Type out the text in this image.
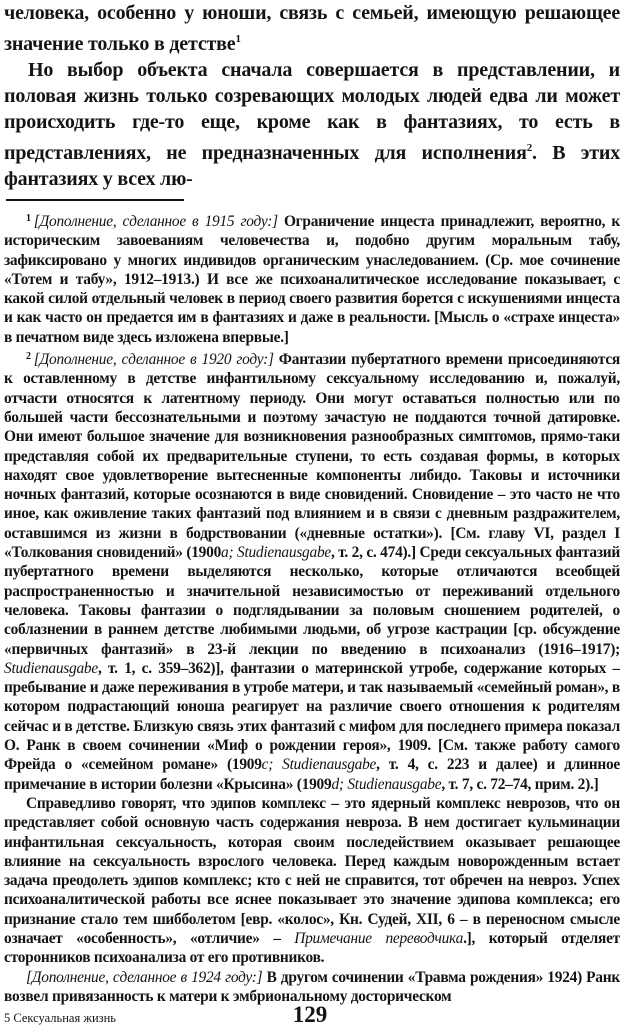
человека, особенно у юноши, связь с семьей, имеющую решающее значение только в детстве$^1$

Но выбор объекта сначала совершается в представлении, и половая жизнь только созревающих молодых людей едва ли может происходить где-то еще, кроме как в фантазиях, то есть в представлениях, не предназначенных для исполнения$^2$. В этих фантазиях у всех лю-

$^1$ [Дополнение, сделанное в 1915 году:] Ограничение инцеста принадлежит, вероятно, к историческим завоеваниям человечества и, подобно другим моральным табу, зафиксировано у многих индивидов органическим унаследованием. (Ср. мое сочинение «Тотем и табу», 1912–1913.) И все же психоаналитическое исследование показывает, с какой силой отдельный человек в период своего развития борется с искушениями инцеста и как часто он предается им в фантазиях и даже в реальности. [Мысль о «страхе инцеста» в печатном виде здесь изложена впервые.]

$^2$ [Дополнение, сделанное в 1920 году:] Фантазии пубертатного времени присоединяются к оставленному в детстве инфантильному сексуальному исследованию и, пожалуй, отчасти относятся к латентному периоду. Они могут оставаться полностью или по большей части бессознательными и поэтому зачастую не поддаются точной датировке. Они имеют большое значение для возникновения разнообразных симптомов, прямо-таки представляя собой их предварительные ступени, то есть создавая формы, в которых находят свое удовлетворение вытесненные компоненты либидо. Таковы и источники ночных фантазий, которые осознаются в виде сновидений. Сновидение – это часто не что иное, как оживление таких фантазий под влиянием и в связи с дневным раздражителем, оставшимся из жизни в бодрствовании («дневные остатки»). [См. главу VI, раздел I «Толкования сновидений» (1900a; Studienausgabe, т. 2, с. 474).] Среди сексуальных фантазий пубертатного времени выделяются несколько, которые отличаются всеобщей распространенностью и значительной независимостью от переживаний отдельного человека. Таковы фантазии о подглядывании за половым сношением родителей, о соблазнении в раннем детстве любимыми людьми, об угрозе кастрации [ср. обсуждение «первичных фантазий» в 23-й лекции по введению в психоанализ (1916–1917); Studienausgabe, т. 1, с. 359–362)], фантазии о материнской утробе, содержание которых – пребывание и даже переживания в утробе матери, и так называемый «семейный роман», в котором подрастающий юноша реагирует на различие своего отношения к родителям сейчас и в детстве. Близкую связь этих фантазий с мифом для последнего примера показал О. Ранк в своем сочинении «Миф о рождении героя», 1909. [См. также работу самого Фрейда о «семейном романе» (1909c; Studienausgabe, т. 4, с. 223 и далее) и длинное примечание в истории болезни «Крысина» (1909d; Studienausgabe, т. 7, с. 72–74, прим. 2).]

Справедливо говорят, что эдипов комплекс – это ядерный комплекс неврозов, что он представляет собой основную часть содержания невроза. В нем достигает кульминации инфантильная сексуальность, которая своим последействием оказывает решающее влияние на сексуальность взрослого человека. Перед каждым новорожденным встает задача преодолеть эдипов комплекс; кто с ней не справится, тот обречен на невроз. Успех психоаналитической работы все яснее показывает это значение эдипова комплекса; его признание стало тем шибболетом [евр. «колос», Кн. Судей, XII, 6 – в переносном смысле означает «особенность», «отличие» – Примечание переводчика.], который отделяет сторонников психоанализа от его противников.

[Дополнение, сделанное в 1924 году:] В другом сочинении «Травма рождения» 1924) Ранк возвел привязанность к матери к эмбриональному досторическом

5 Сексуальная жизнь	129
